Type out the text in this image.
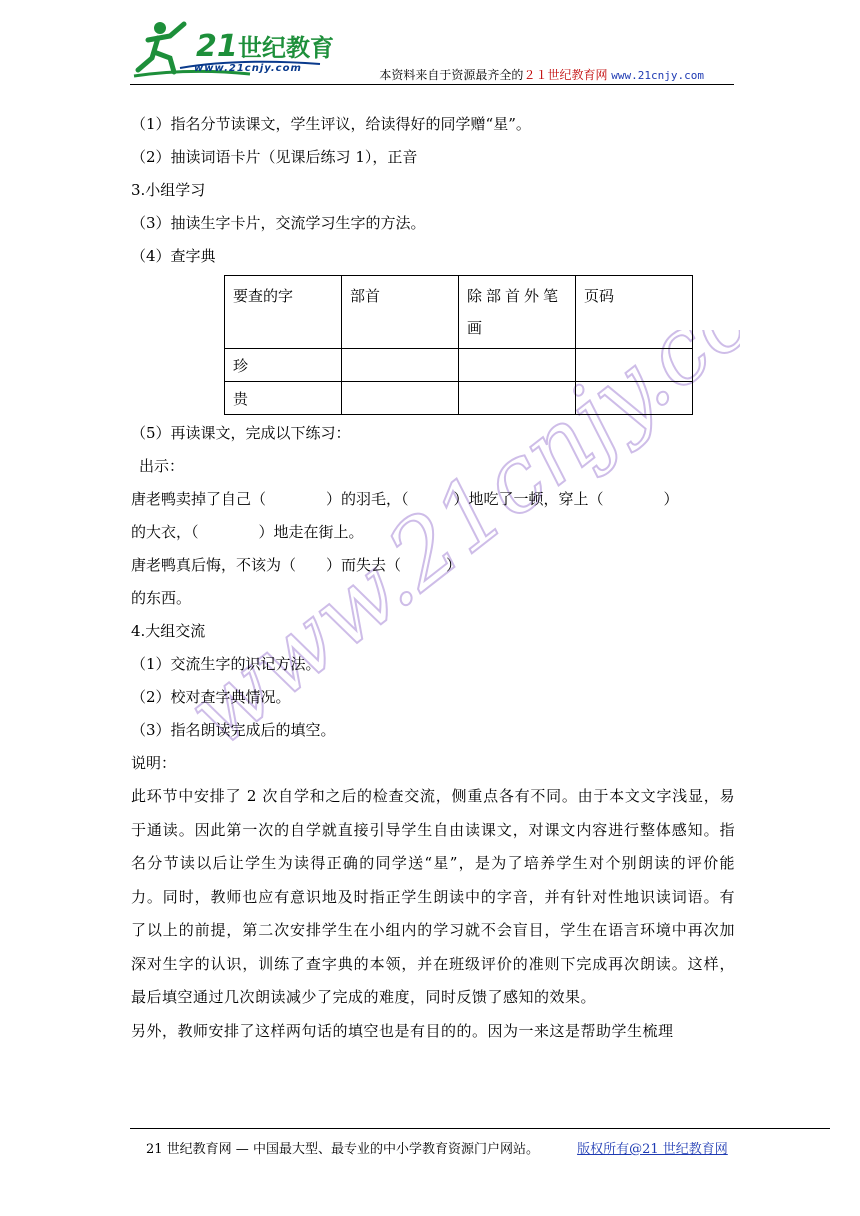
21 世纪教育
www.21cnjy.com	本资料来自于资源最齐全的２１世纪教育网 www.21cnjy.com
www.21cnjy.com
（1）指名分节读课文，学生评议，给读得好的同学赠“星”。
（2）抽读词语卡片（见课后练习 1），正音
3.小组学习
（3）抽读生字卡片，交流学习生字的方法。
（4）查字典
要查的字	部首	除部首外笔画	页码
珍			
贵			
（5）再读课文，完成以下练习：
出示：
唐老鸭卖掉了自己（　　　　）的羽毛，（　　　）地吃了一顿，穿上（　　　　）
的大衣，（　　　　）地走在街上。
唐老鸭真后悔，不该为（　　）而失去（　　　）
的东西。
4.大组交流
（1）交流生字的识记方法。
（2）校对查字典情况。
（3）指名朗读完成后的填空。
说明：
此环节中安排了 2 次自学和之后的检查交流，侧重点各有不同。由于本文文字浅显，易于通读。因此第一次的自学就直接引导学生自由读课文，对课文内容进行整体感知。指名分节读以后让学生为读得正确的同学送“星”，是为了培养学生对个别朗读的评价能力。同时，教师也应有意识地及时指正学生朗读中的字音，并有针对性地识读词语。有了以上的前提，第二次安排学生在小组内的学习就不会盲目，学生在语言环境中再次加深对生字的认识，训练了查字典的本领，并在班级评价的准则下完成再次朗读。这样，最后填空通过几次朗读减少了完成的难度，同时反馈了感知的效果。
另外，教师安排了这样两句话的填空也是有目的的。因为一来这是帮助学生梳理
21 世纪教育网 — 中国最大型、最专业的中小学教育资源门户网站。	版权所有@21 世纪教育网
